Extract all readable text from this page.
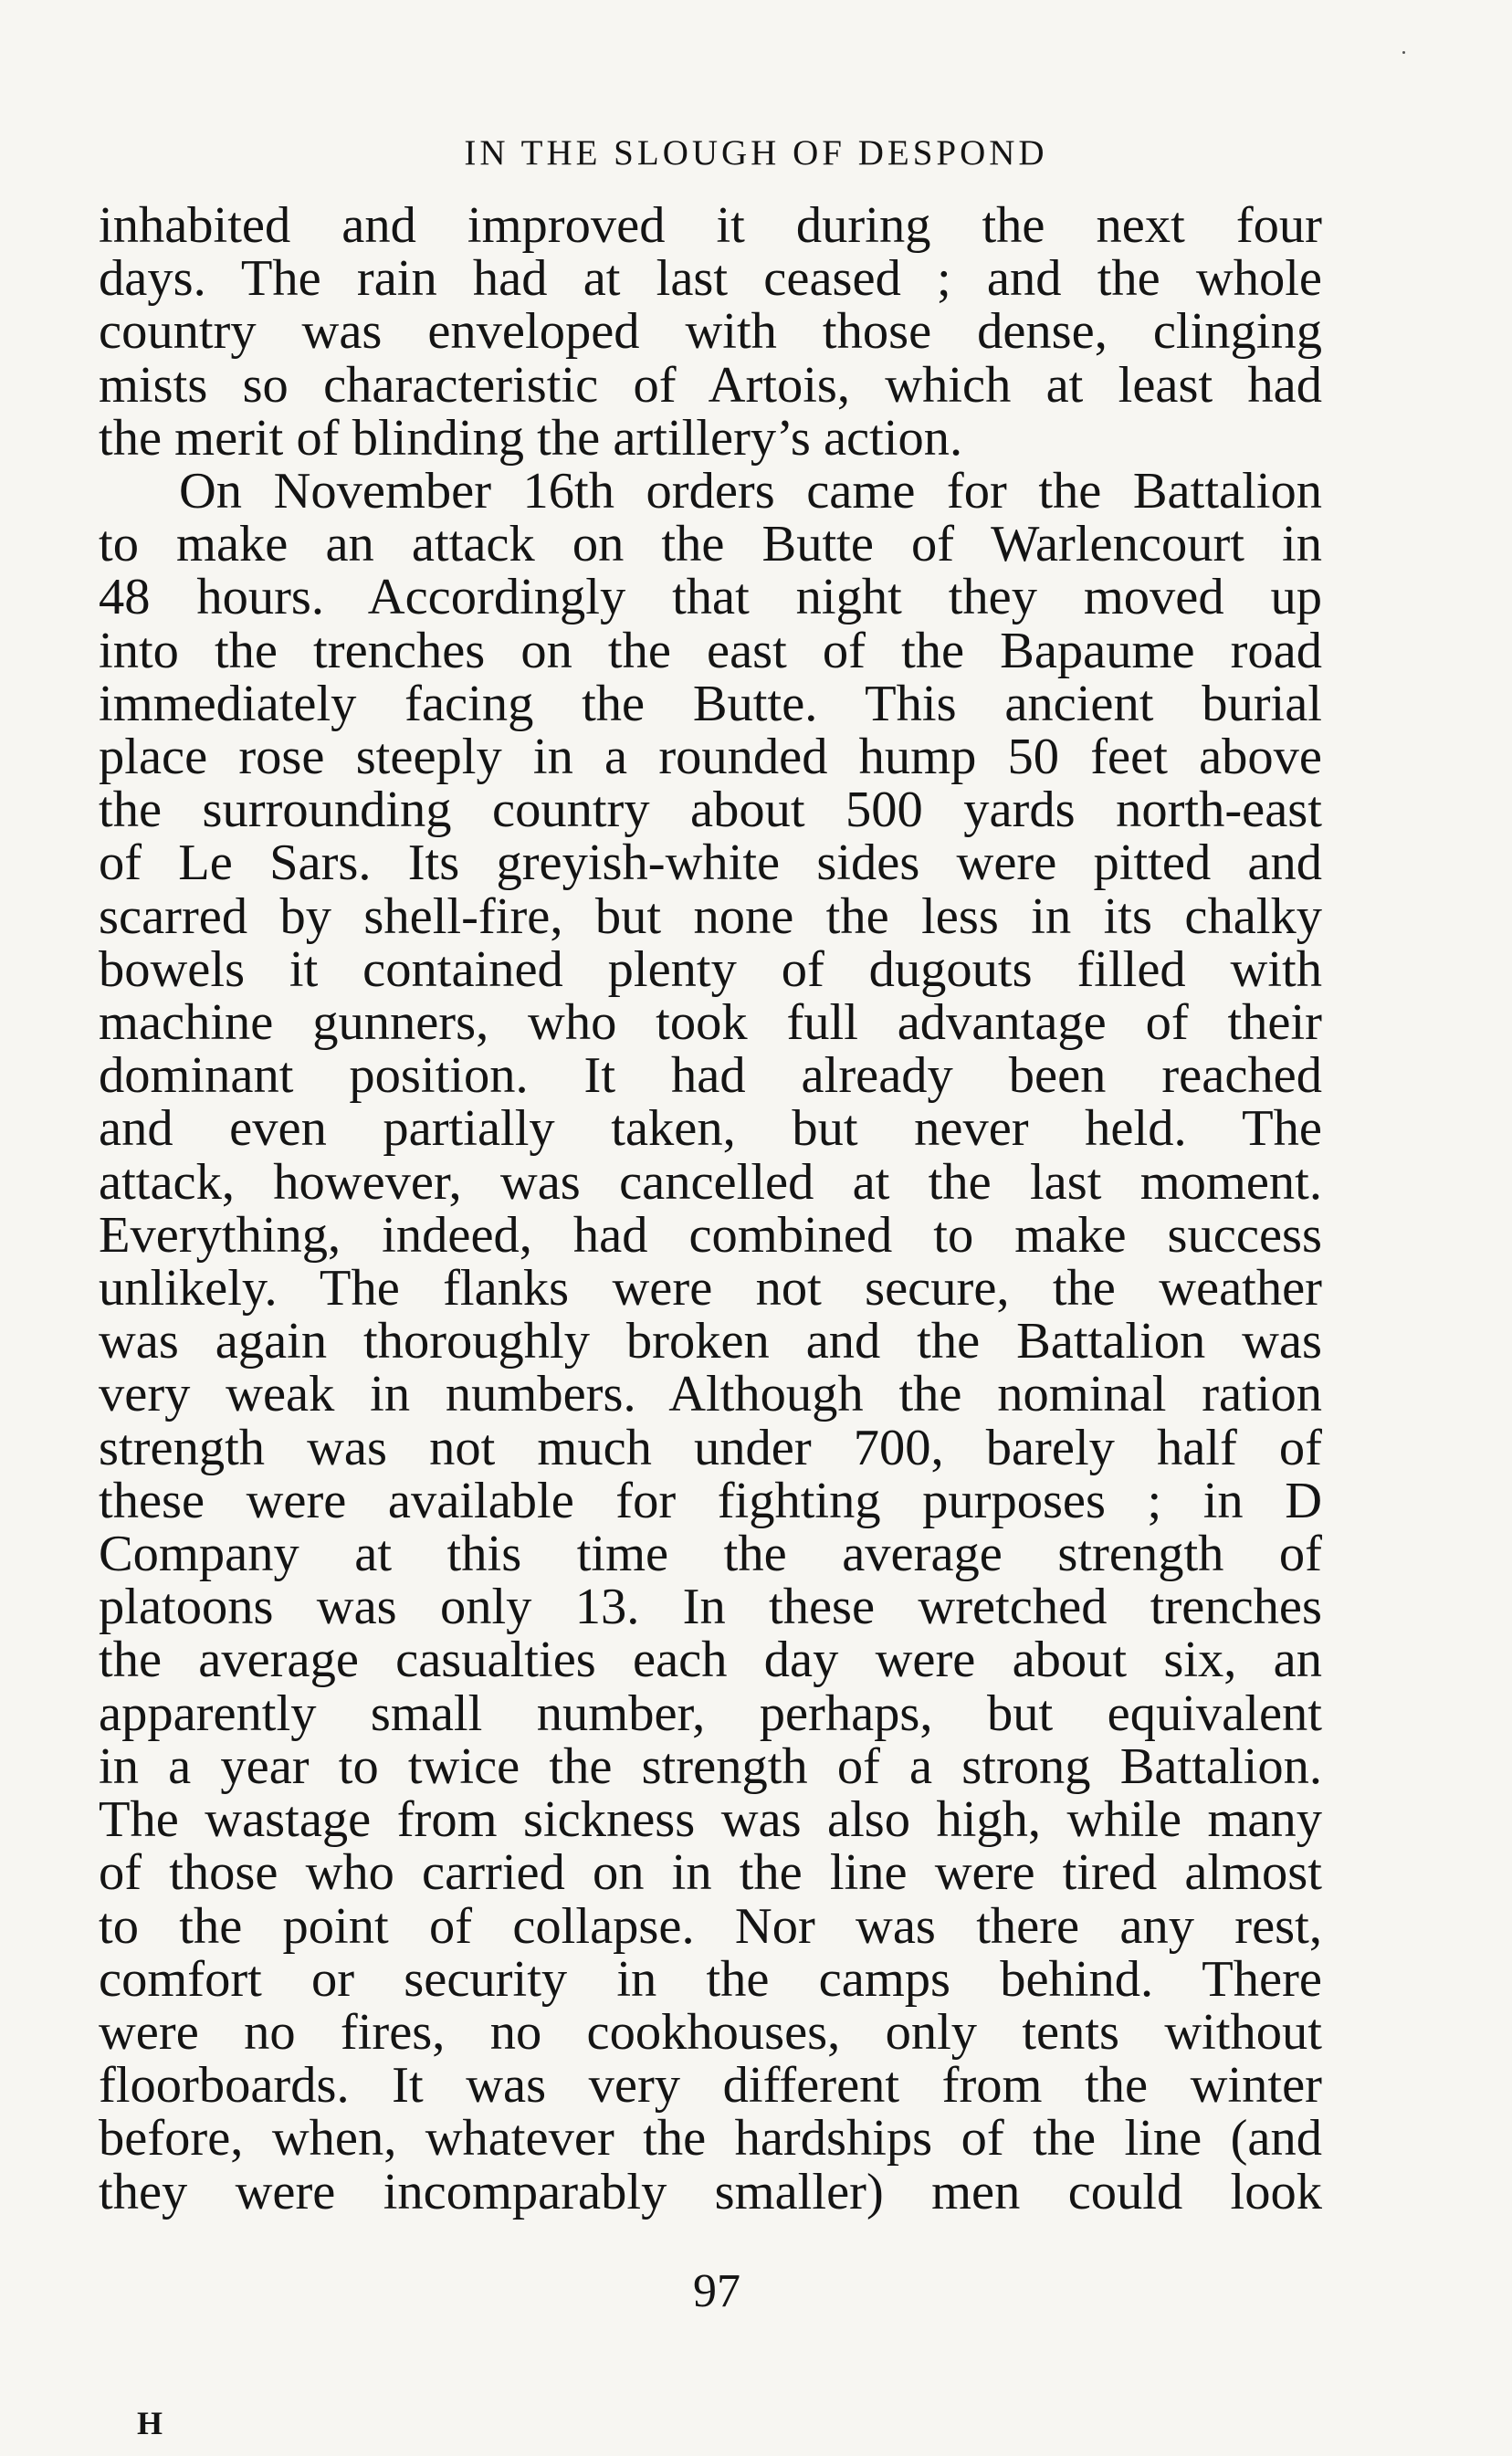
IN THE SLOUGH OF DESPOND
inhabited and improved it during the next four
days. The rain had at last ceased ; and the whole
country was enveloped with those dense, clinging
mists so characteristic of Artois, which at least had
the merit of blinding the artillery’s action.
On November 16th orders came for the Battalion
to make an attack on the Butte of Warlencourt in
48 hours. Accordingly that night they moved up
into the trenches on the east of the Bapaume road
immediately facing the Butte. This ancient burial
place rose steeply in a rounded hump 50 feet above
the surrounding country about 500 yards north-east
of Le Sars. Its greyish-white sides were pitted and
scarred by shell-fire, but none the less in its chalky
bowels it contained plenty of dugouts filled with
machine gunners, who took full advantage of their
dominant position. It had already been reached
and even partially taken, but never held. The
attack, however, was cancelled at the last moment.
Everything, indeed, had combined to make success
unlikely. The flanks were not secure, the weather
was again thoroughly broken and the Battalion was
very weak in numbers. Although the nominal ration
strength was not much under 700, barely half of
these were available for fighting purposes ; in D
Company at this time the average strength of
platoons was only 13. In these wretched trenches
the average casualties each day were about six, an
apparently small number, perhaps, but equivalent
in a year to twice the strength of a strong Battalion.
The wastage from sickness was also high, while many
of those who carried on in the line were tired almost
to the point of collapse. Nor was there any rest,
comfort or security in the camps behind. There
were no fires, no cookhouses, only tents without
floorboards. It was very different from the winter
before, when, whatever the hardships of the line (and
they were incomparably smaller) men could look
97
H
